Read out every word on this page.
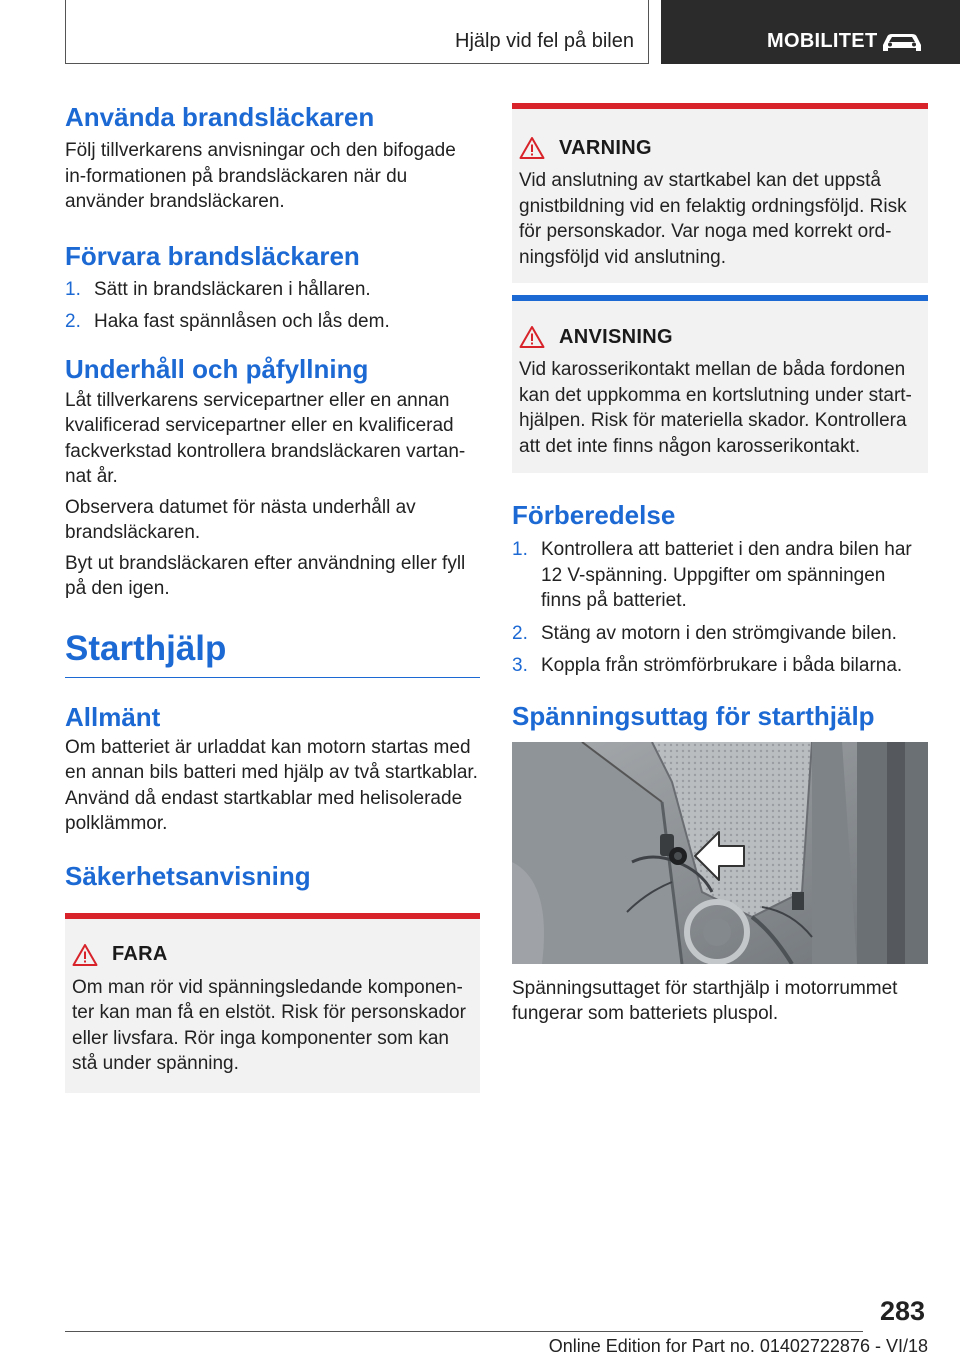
Hjälp vid fel på bilen	MOBILITET
Använda brandsläckaren

Följ tillverkarens anvisningar och den bifogade in-formationen på brandsläckaren när du använder brandsläckaren.

Förvara brandsläckaren
1. Sätt in brandsläckaren i hållaren.
2. Haka fast spännlåsen och lås dem.
Underhåll och påfyllning

Låt tillverkarens servicepartner eller en annan kvalificerad servicepartner eller en kvalificerad fackverkstad kontrollera brandsläckaren vartan-nat år.

Observera datumet för nästa underhåll av brandsläckaren.

Byt ut brandsläckaren efter användning eller fyll på den igen.

Starthjälp
Allmänt

Om batteriet är urladdat kan motorn startas med en annan bils batteri med hjälp av två startkablar. Använd då endast startkablar med helisolerade polklämmor.

Säkerhetsanvisning
FARA

Om man rör vid spänningsledande komponen-ter kan man få en elstöt. Risk för personskador eller livsfara. Rör inga komponenter som kan stå under spänning.

VARNING

Vid anslutning av startkabel kan det uppstå gnistbildning vid en felaktig ordningsföljd. Risk för personskador. Var noga med korrekt ord-ningsföljd vid anslutning.

ANVISNING

Vid karosserikontakt mellan de båda fordonen kan det uppkomma en kortslutning under start-hjälpen. Risk för materiella skador. Kontrollera att det inte finns någon karosserikontakt.

Förberedelse
1. Kontrollera att batteriet i den andra bilen har 12 V-spänning. Uppgifter om spänningen finns på batteriet.
2. Stäng av motorn i den strömgivande bilen.
3. Koppla från strömförbrukare i båda bilarna.
Spänningsuttag för starthjälp

Spänningsuttaget för starthjälp i motorrummet fungerar som batteriets pluspol.

283
Online Edition for Part no. 01402722876 - VI/18
